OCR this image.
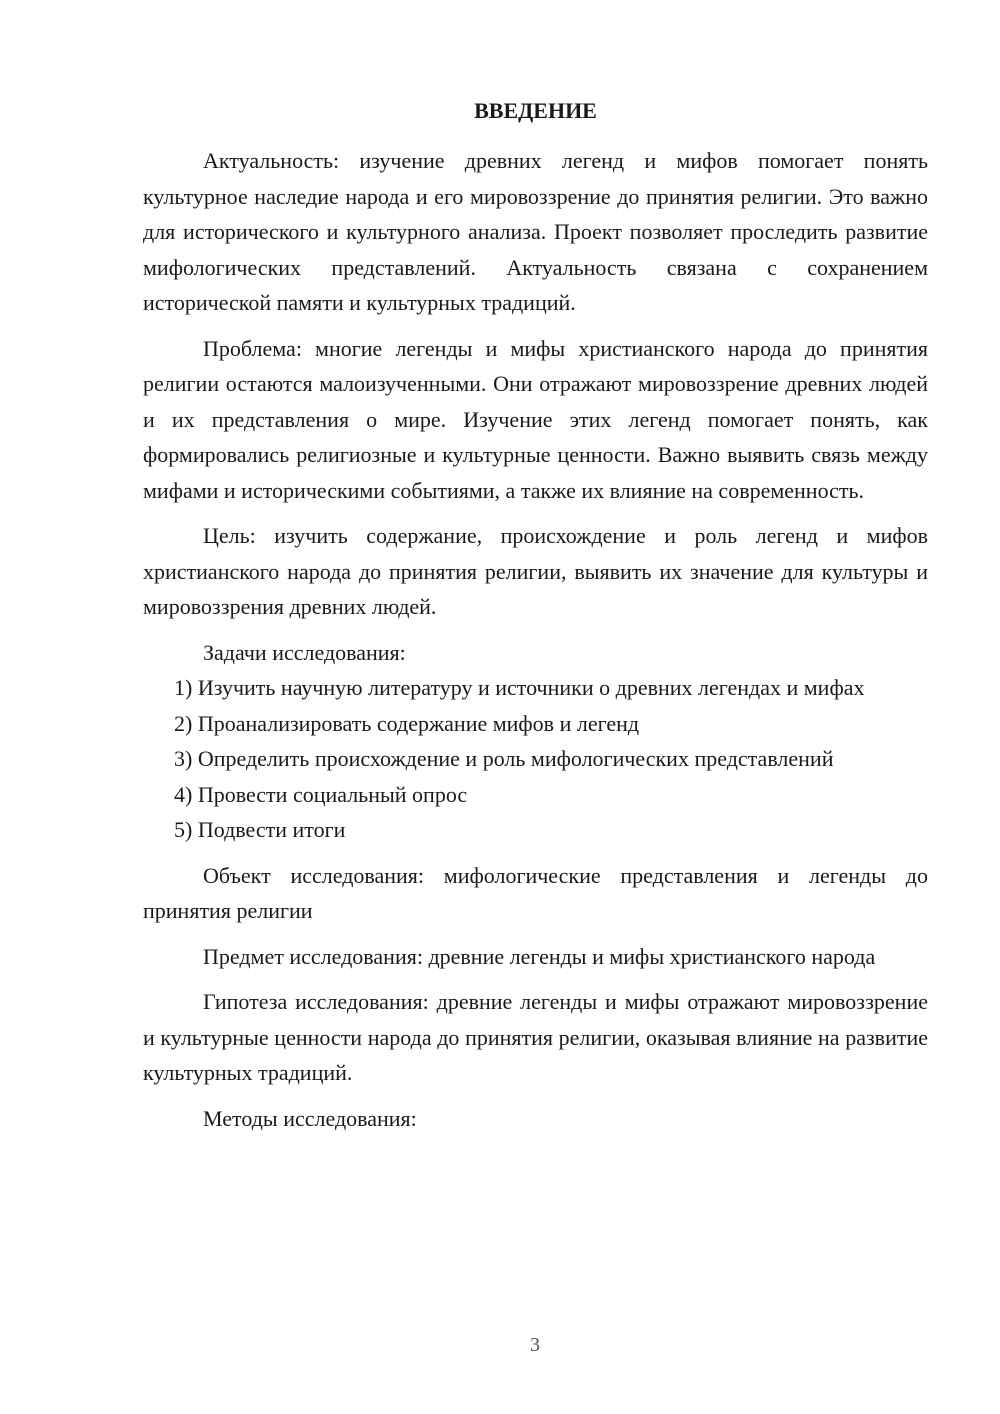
ВВЕДЕНИЕ

Актуальность: изучение древних легенд и мифов помогает понять культурное наследие народа и его мировоззрение до принятия религии. Это важно для исторического и культурного анализа. Проект позволяет проследить развитие мифологических представлений. Актуальность связана с сохранением исторической памяти и культурных традиций.

Проблема: многие легенды и мифы христианского народа до принятия религии остаются малоизученными. Они отражают мировоззрение древних людей и их представления о мире. Изучение этих легенд помогает понять, как формировались религиозные и культурные ценности. Важно выявить связь между мифами и историческими событиями, а также их влияние на современность.

Цель: изучить содержание, происхождение и роль легенд и мифов христианского народа до принятия религии, выявить их значение для культуры и мировоззрения древних людей.

Задачи исследования:

1) Изучить научную литературу и источники о древних легендах и мифах

2) Проанализировать содержание мифов и легенд

3) Определить происхождение и роль мифологических представлений

4) Провести социальный опрос

5) Подвести итоги

Объект исследования: мифологические представления и легенды до принятия религии

Предмет исследования: древние легенды и мифы христианского народа

Гипотеза исследования: древние легенды и мифы отражают мировоззрение и культурные ценности народа до принятия религии, оказывая влияние на развитие культурных традиций.

Методы исследования:

3
